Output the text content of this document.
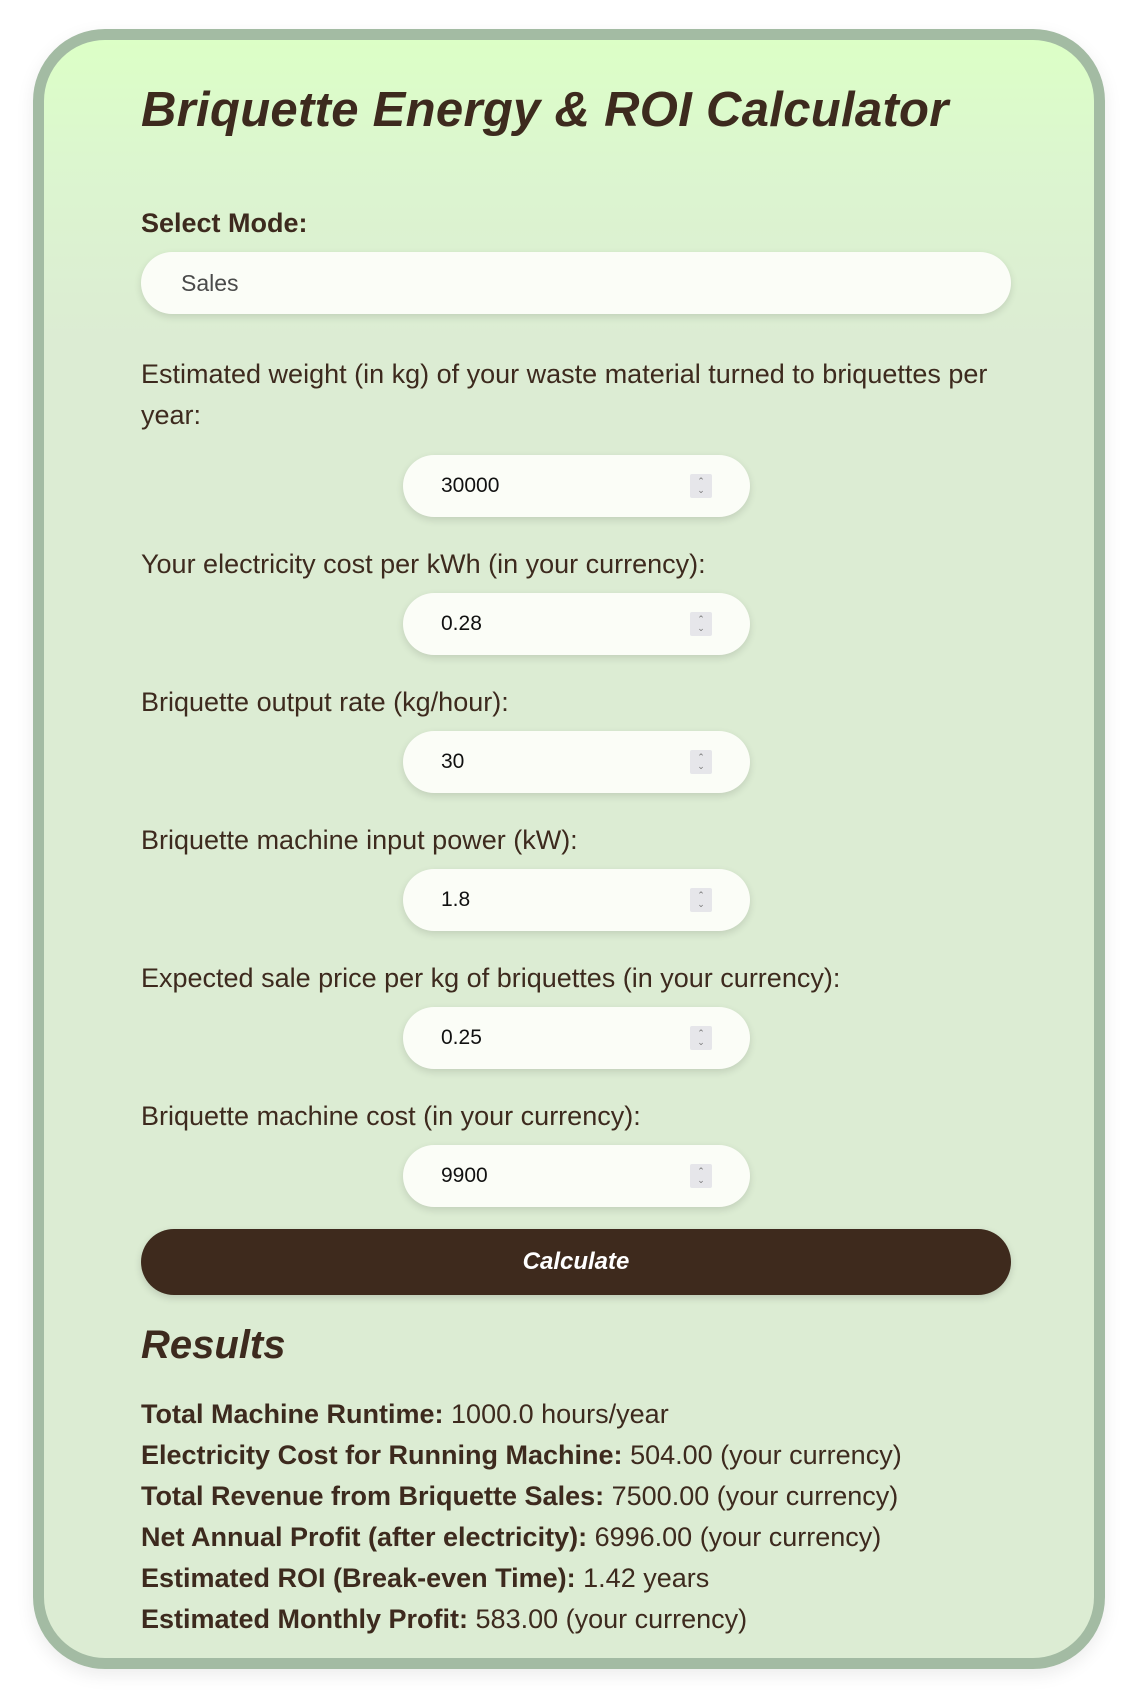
Briquette Energy & ROI Calculator
Select Mode:
Sales
Estimated weight (in kg) of your waste material turned to briquettes per year:
30000	⌃
⌄
Your electricity cost per kWh (in your currency):
0.28	⌃
⌄
Briquette output rate (kg/hour):
30	⌃
⌄
Briquette machine input power (kW):
1.8	⌃
⌄
Expected sale price per kg of briquettes (in your currency):
0.25	⌃
⌄
Briquette machine cost (in your currency):
9900	⌃
⌄
Calculate
Results
Total Machine Runtime: 1000.0 hours/year
Electricity Cost for Running Machine: 504.00 (your currency)
Total Revenue from Briquette Sales: 7500.00 (your currency)
Net Annual Profit (after electricity): 6996.00 (your currency)
Estimated ROI (Break-even Time): 1.42 years
Estimated Monthly Profit: 583.00 (your currency)
